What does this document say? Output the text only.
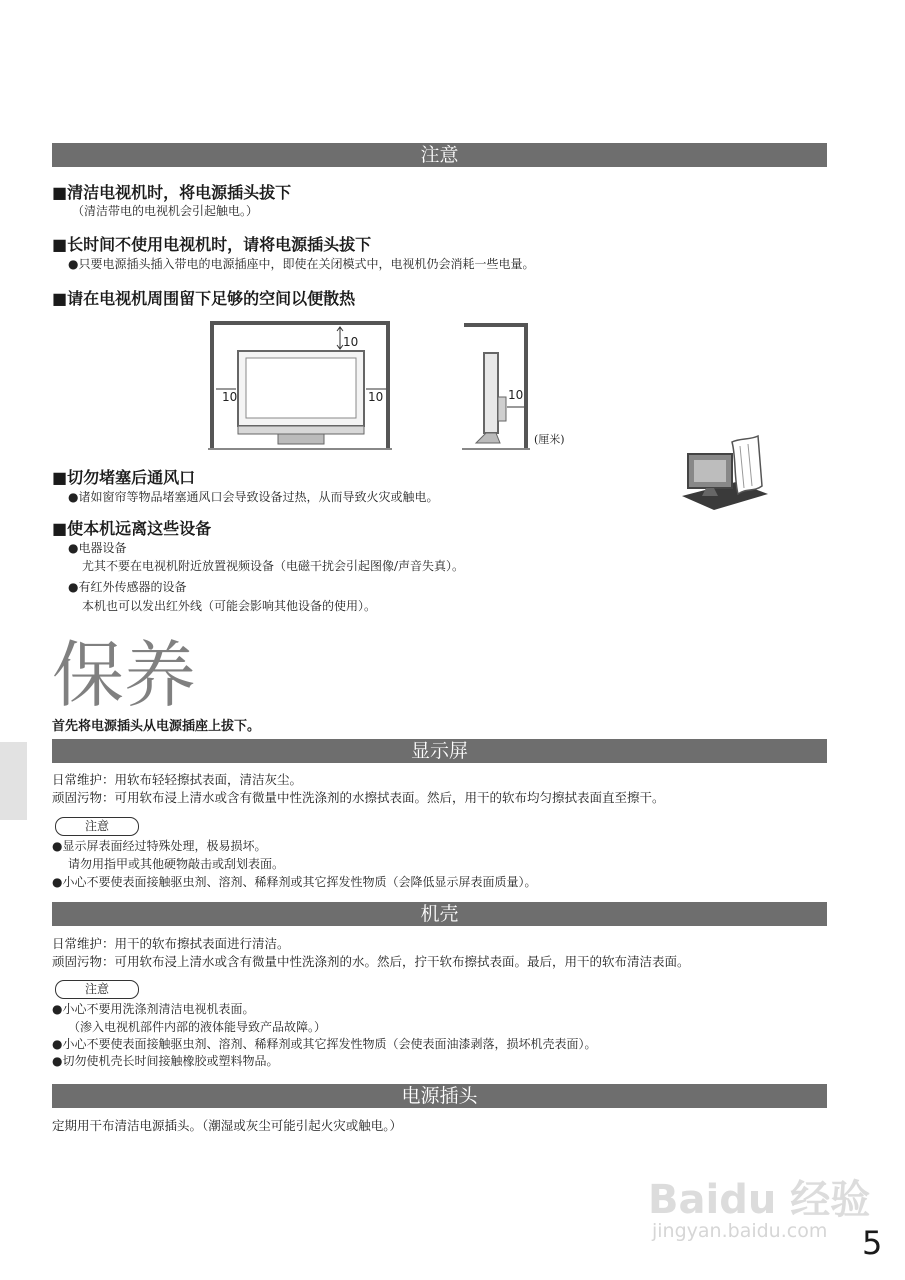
注意
■清洁电视机时，将电源插头拔下
（清洁带电的电视机会引起触电。）
■长时间不使用电视机时，请将电源插头拔下
●只要电源插头插入带电的电源插座中，即使在关闭模式中，电视机仍会消耗一些电量。
■请在电视机周围留下足够的空间以便散热
10
10	10	10
(厘米)
■切勿堵塞后通风口
●诸如窗帘等物品堵塞通风口会导致设备过热，从而导致火灾或触电。
■使本机远离这些设备
●电器设备
尤其不要在电视机附近放置视频设备（电磁干扰会引起图像/声音失真）。
●有红外传感器的设备
本机也可以发出红外线（可能会影响其他设备的使用）。
保养
首先将电源插头从电源插座上拔下。
显示屏
日常维护：用软布轻轻擦拭表面，清洁灰尘。
顽固污物：可用软布浸上清水或含有微量中性洗涤剂的水擦拭表面。然后，用干的软布均匀擦拭表面直至擦干。
注意
●显示屏表面经过特殊处理，极易损坏。
请勿用指甲或其他硬物敲击或刮划表面。
●小心不要使表面接触驱虫剂、溶剂、稀释剂或其它挥发性物质（会降低显示屏表面质量）。
机壳
日常维护：用干的软布擦拭表面进行清洁。
顽固污物：可用软布浸上清水或含有微量中性洗涤剂的水。然后，拧干软布擦拭表面。最后，用干的软布清洁表面。
注意
●小心不要用洗涤剂清洁电视机表面。
（渗入电视机部件内部的液体能导致产品故障。）
●小心不要使表面接触驱虫剂、溶剂、稀释剂或其它挥发性物质（会使表面油漆剥落，损坏机壳表面）。
●切勿使机壳长时间接触橡胶或塑料物品。
电源插头
定期用干布清洁电源插头。（潮湿或灰尘可能引起火灾或触电。）
Baidu 经验
jingyan.baidu.com 5
